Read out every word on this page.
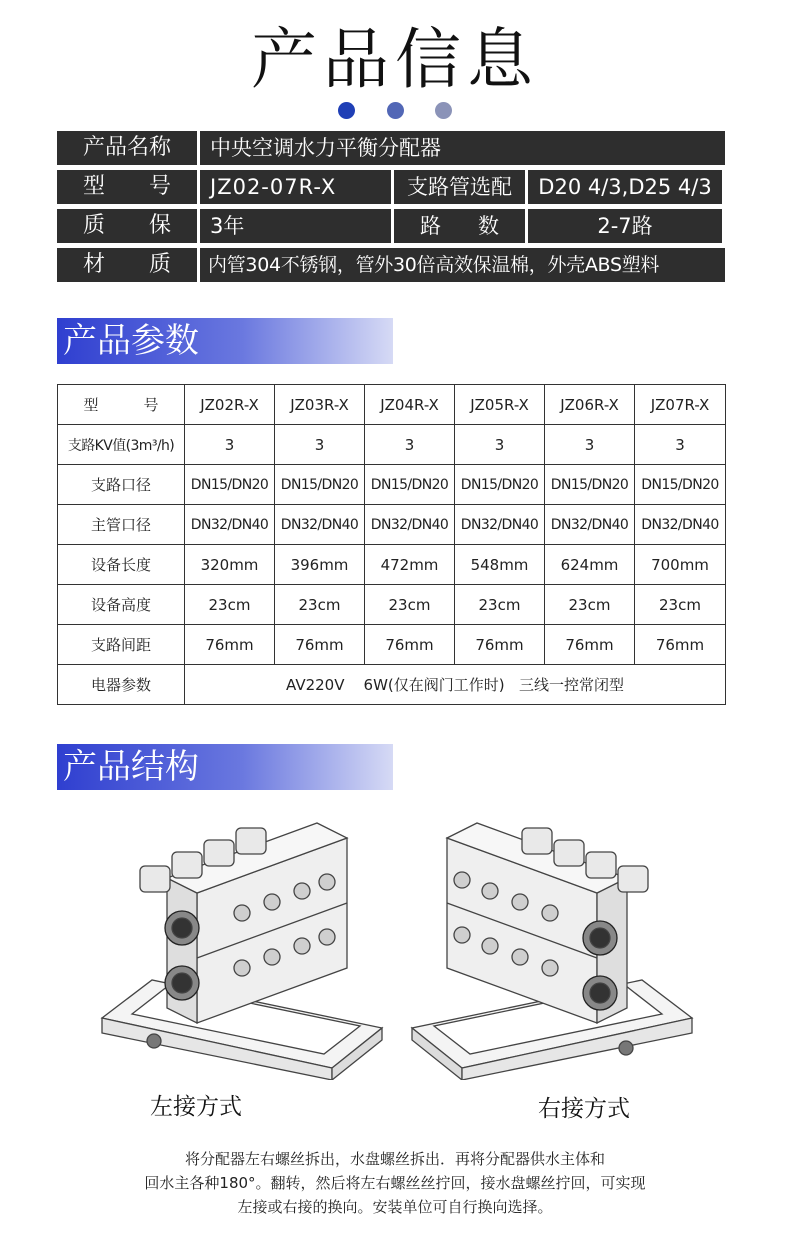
产品信息

产品名称	中央空调水力平衡分配器
型 号	JZ02-07R-X	支路管选配	D20 4/3,D25 4/3
质 保	3年	路 数	2-7路
材 质	内管304不锈钢，管外30倍高效保温棉，外壳ABS塑料
产品参数
型    号	JZ02R-X	JZ03R-X	JZ04R-X	JZ05R-X	JZ06R-X	JZ07R-X
支路KV值(3m³/h)	3	3	3	3	3	3
支路口径	DN15/DN20	DN15/DN20	DN15/DN20	DN15/DN20	DN15/DN20	DN15/DN20
主管口径	DN32/DN40	DN32/DN40	DN32/DN40	DN32/DN40	DN32/DN40	DN32/DN40
设备长度	320mm	396mm	472mm	548mm	624mm	700mm
设备高度	23cm	23cm	23cm	23cm	23cm	23cm
支路间距	76mm	76mm	76mm	76mm	76mm	76mm
电器参数	AV220V    6W(仅在阀门工作时)   三线一控常闭型					
产品结构
左接方式	右接方式
将分配器左右螺丝拆出，水盘螺丝拆出．再将分配器供水主体和
回水主各种180°。翻转，然后将左右螺丝丝拧回，接水盘螺丝拧回，可实现
左接或右接的换向。安装单位可自行换向选择。
